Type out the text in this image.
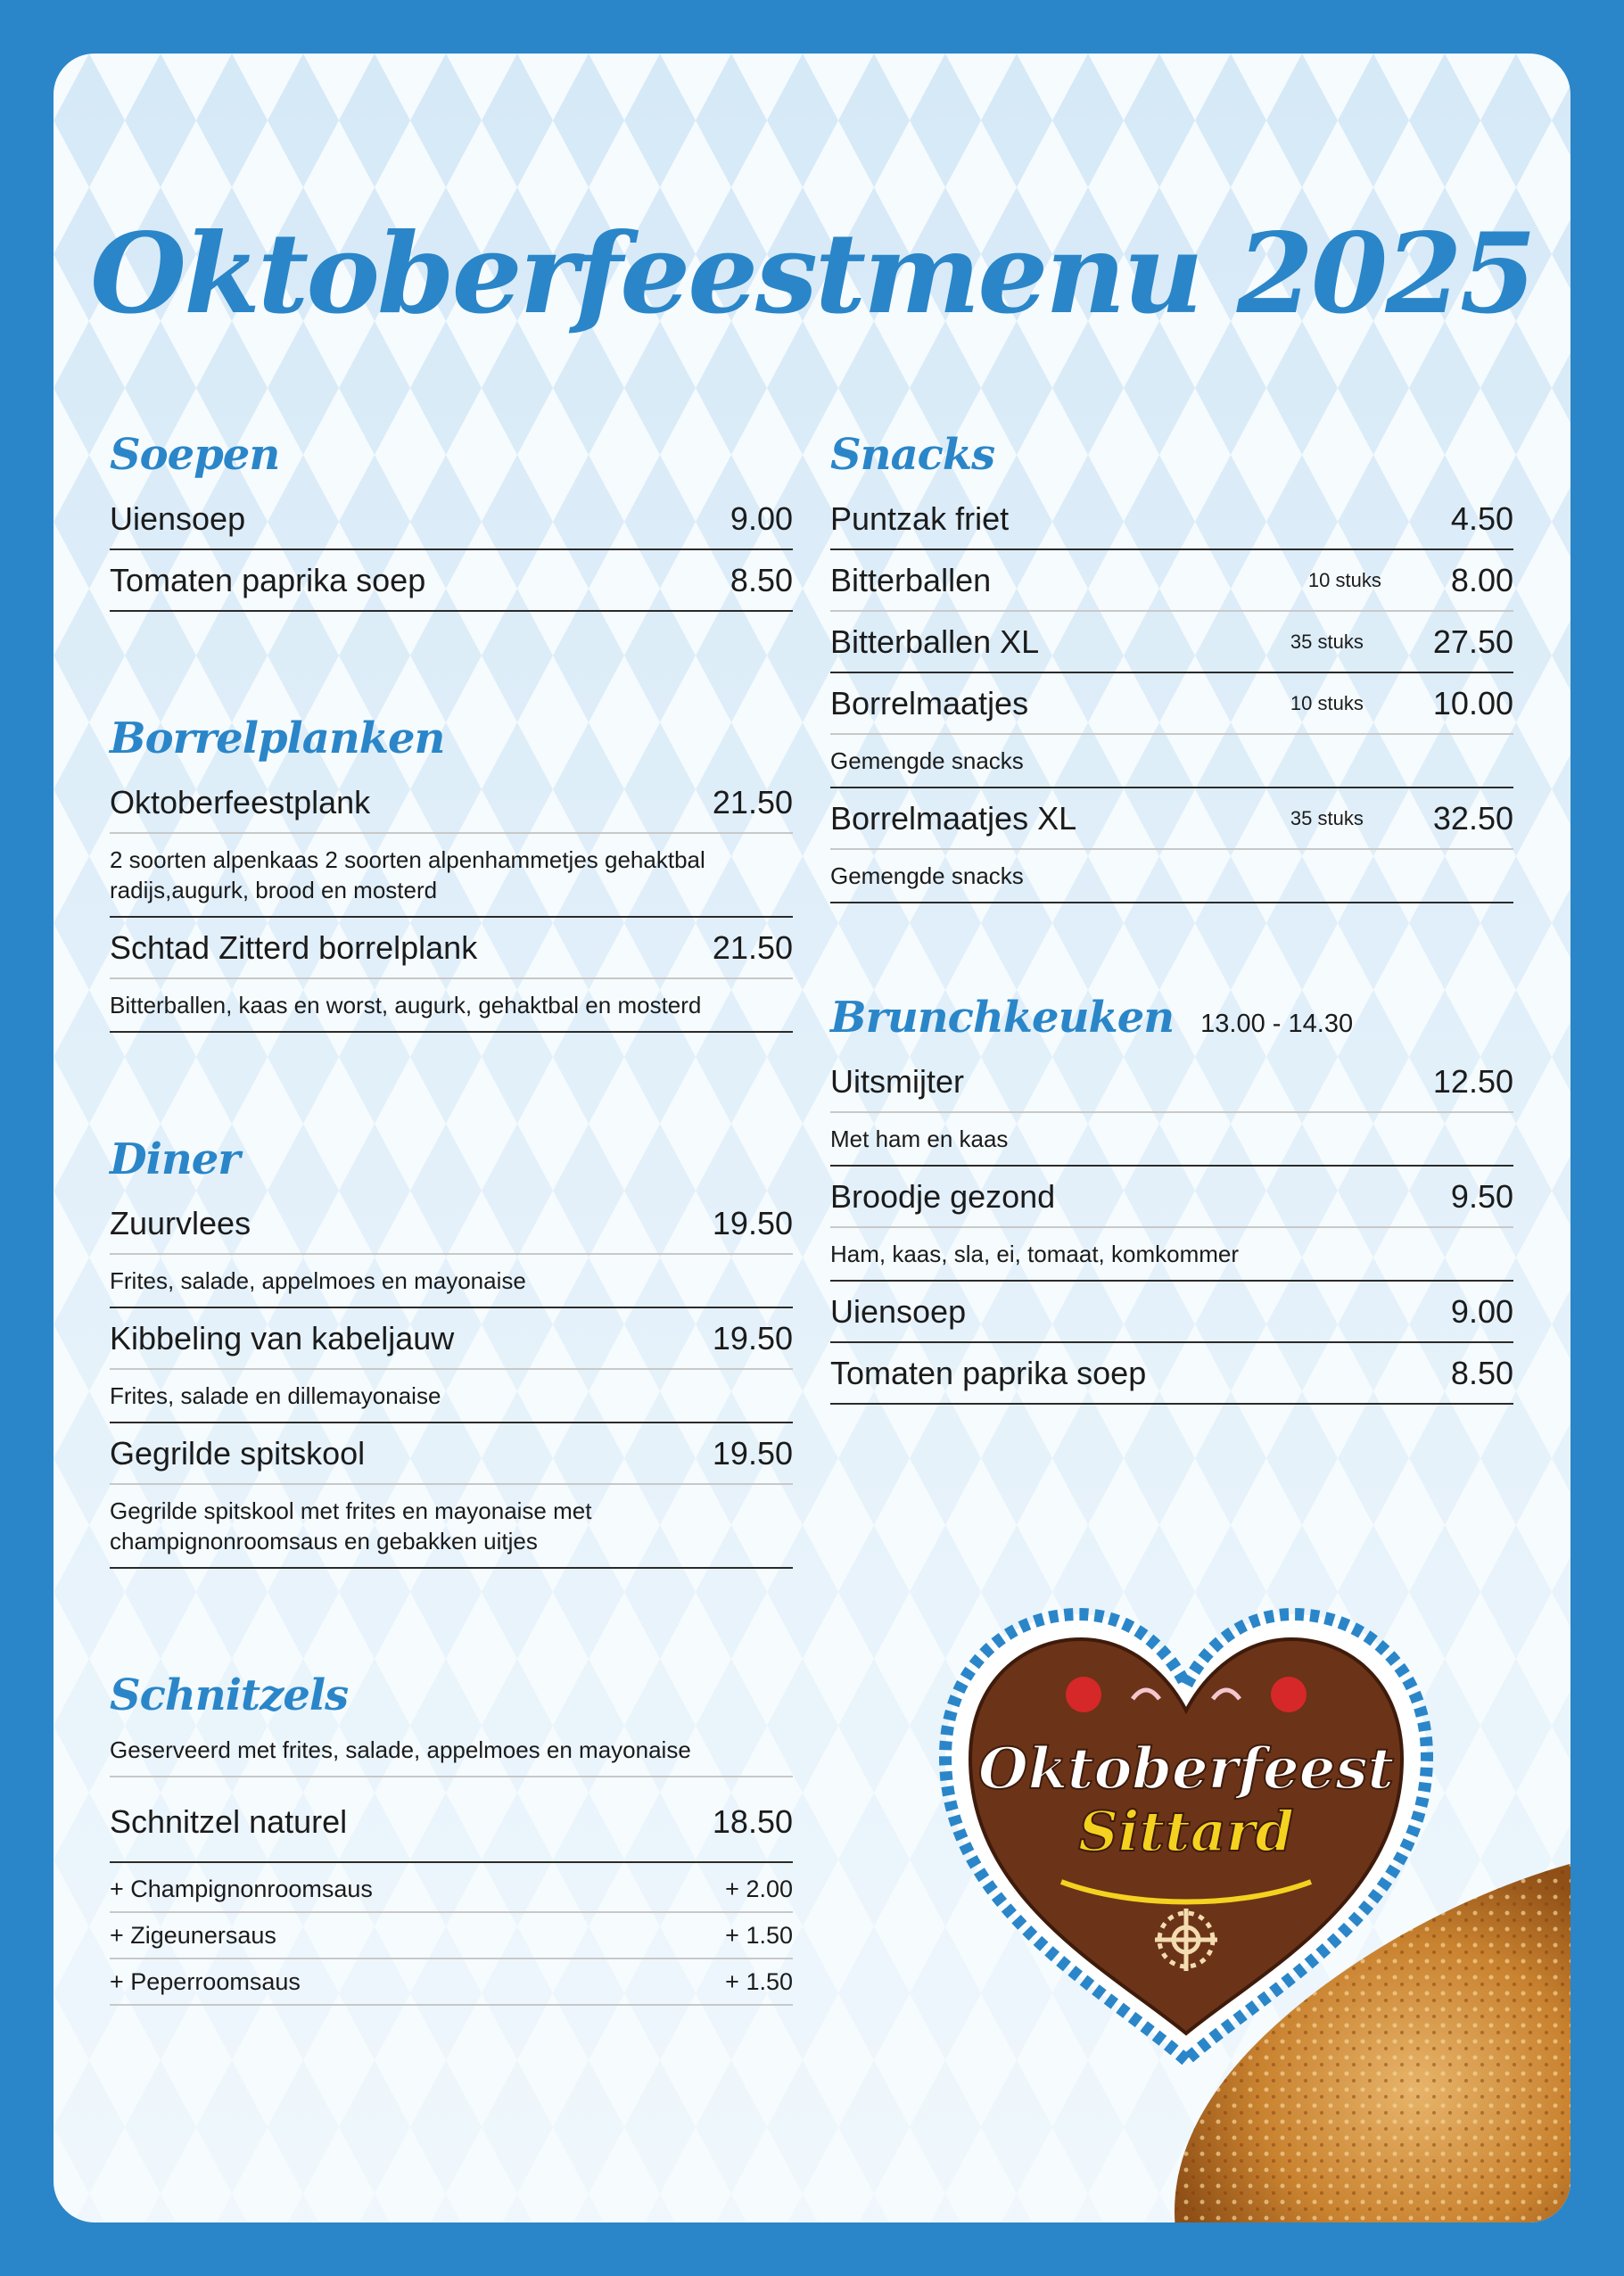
Oktoberfeestmenu 2025
Soepen
Uiensoep	9.00
Tomaten paprika soep	8.50
Borrelplanken
Oktoberfeestplank	21.50
2 soorten alpenkaas 2 soorten alpenhammetjes gehaktbal radijs,augurk, brood en mosterd
Schtad Zitterd borrelplank	21.50
Bitterballen, kaas en worst, augurk, gehaktbal en mosterd
Diner
Zuurvlees	19.50
Frites, salade, appelmoes en mayonaise
Kibbeling van kabeljauw	19.50
Frites, salade en dillemayonaise
Gegrilde spitskool	19.50
Gegrilde spitskool met frites en mayonaise met champignonroomsaus en gebakken uitjes
Schnitzels
Geserveerd met frites, salade, appelmoes en mayonaise
Schnitzel naturel	18.50
+ Champignonroomsaus	+ 2.00
+ Zigeunersaus	+ 1.50
+ Peperroomsaus	+ 1.50
Snacks
Puntzak friet	4.50
Bitterballen	10 stuks	8.00
Bitterballen XL	35 stuks	27.50
Borrelmaatjes	10 stuks	10.00
Gemengde snacks
Borrelmaatjes XL	35 stuks	32.50
Gemengde snacks
Brunchkeuken 13.00 - 14.30
Uitsmijter	12.50
Met ham en kaas
Broodje gezond	9.50
Ham, kaas, sla, ei, tomaat, komkommer
Uiensoep	9.00
Tomaten paprika soep	8.50
Oktoberfeest
Sittard
